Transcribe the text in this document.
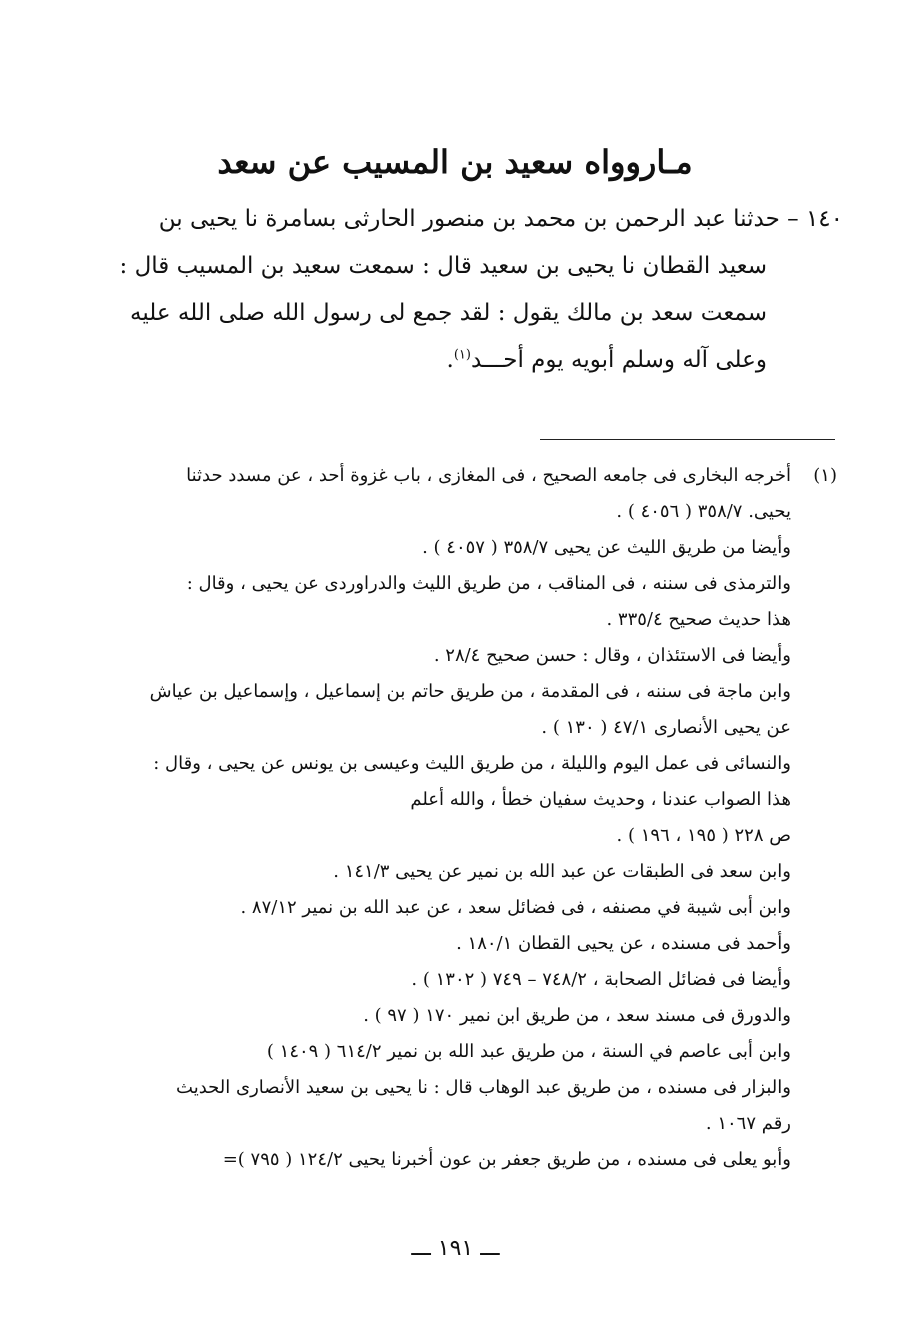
مـاروواه سعيد بن المسيب عن سعد
١٤٠ – حدثنا عبد الرحمن بن محمد بن منصور الحارثى بسامرة نا يحيى بن
سعيد القطان نا يحيى بن سعيد قال : سمعت سعيد بن المسيب قال :
سمعت سعد بن مالك يقول : لقد جمع لى رسول الله صلى الله عليه
وعلى آله وسلم أبويه يوم أحـــد$^{(١)}$.
(١)أخرجه البخارى فى جامعه الصحيح ، فى المغازى ، باب غزوة أحد ، عن مسدد حدثنا
يحيى. ٣٥٨/٧ ( ٤٠٥٦ ) .
وأيضا من طريق الليث عن يحيى ٣٥٨/٧ ( ٤٠٥٧ ) .
والترمذى فى سننه ، فى المناقب ، من طريق الليث والدراوردى عن يحيى ، وقال :
هذا حديث صحيح ٣٣٥/٤ .
وأيضا فى الاستئذان ، وقال : حسن صحيح ٢٨/٤ .
وابن ماجة فى سننه ، فى المقدمة ، من طريق حاتم بن إسماعيل ، وإسماعيل بن عياش
عن يحيى الأنصارى ٤٧/١ ( ١٣٠ ) .
والنسائى فى عمل اليوم والليلة ، من طريق الليث وعيسى بن يونس عن يحيى ، وقال :
هذا الصواب عندنا ، وحديث سفيان خطأ ، والله أعلم
ص ٢٢٨ ( ١٩٥ ، ١٩٦ ) .
وابن سعد فى الطبقات عن عبد الله بن نمير عن يحيى ١٤١/٣ .
وابن أبى شيبة في مصنفه ، فى فضائل سعد ، عن عبد الله بن نمير ٨٧/١٢ .
وأحمد فى مسنده ، عن يحيى القطان ١٨٠/١ .
وأيضا فى فضائل الصحابة ، ٧٤٨/٢ – ٧٤٩ ( ١٣٠٢ ) .
والدورق فى مسند سعد ، من طريق ابن نمير ١٧٠ ( ٩٧ ) .
وابن أبى عاصم في السنة ، من طريق عبد الله بن نمير ٦١٤/٢ ( ١٤٠٩ )
والبزار فى مسنده ، من طريق عبد الوهاب قال : نا يحيى بن سعيد الأنصارى الحديث
رقم ١٠٦٧ .
وأبو يعلى فى مسنده ، من طريق جعفر بن عون أخبرنا يحيى ١٢٤/٢ ( ٧٩٥ )=

ـــ ١٩١ ـــ
